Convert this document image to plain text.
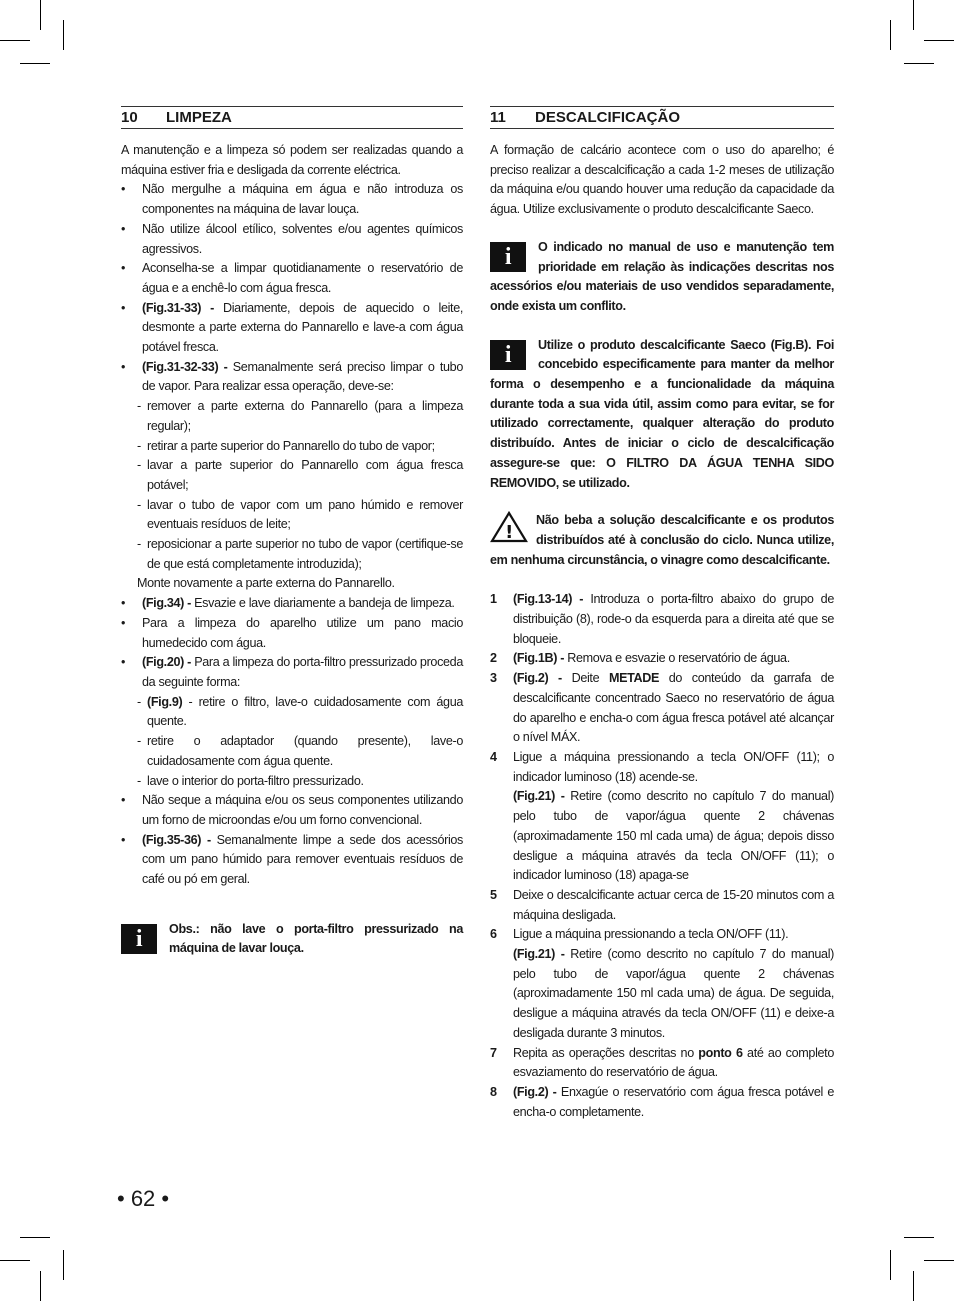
10 LIMPEZA

A manutenção e a limpeza só podem ser realizadas quando a máquina estiver fria e desligada da corrente eléctrica.

• Não mergulhe a máquina em água e não introduza os componentes na máquina de lavar louça.
• Não utilize álcool etílico, solventes e/ou agentes químicos agressivos.
• Aconselha-se a limpar quotidianamente o reservatório de água e a enchê-lo com água fresca.
• (Fig.31-33) - Diariamente, depois de aquecido o leite, desmonte a parte externa do Pannarello e lave-a com água potável fresca.
• (Fig.31-32-33) - Semanalmente será preciso limpar o tubo de vapor. Para realizar essa operação, deve-se:
- remover a parte externa do Pannarello (para a limpeza regular);
- retirar a parte superior do Pannarello do tubo de vapor;
- lavar a parte superior do Pannarello com água fresca potável;
- lavar o tubo de vapor com um pano húmido e remover eventuais resíduos de leite;
- reposicionar a parte superior no tubo de vapor (certifique-se de que está completamente introduzida);
Monte novamente a parte externa do Pannarello.
• (Fig.34) - Esvazie e lave diariamente a bandeja de limpeza.
• Para a limpeza do aparelho utilize um pano macio humedecido com água.
• (Fig.20) - Para a limpeza do porta-filtro pressurizado proceda da seguinte forma:
- (Fig.9) - retire o filtro, lave-o cuidadosamente com água quente.
- retire o adaptador (quando presente), lave-o cuidadosamente com água quente.
- lave o interior do porta-filtro pressurizado.
• Não seque a máquina e/ou os seus componentes utilizando um forno de microondas e/ou um forno convencional.
• (Fig.35-36) - Semanalmente limpe a sede dos acessórios com um pano húmido para remover eventuais resíduos de café ou pó em geral.
i	Obs.: não lave o porta-filtro pressurizado na máquina de lavar louça.
11 DESCALCIFICAÇÃO

A formação de calcário acontece com o uso do aparelho; é preciso realizar a descalcificação a cada 1-2 meses de utilização da máquina e/ou quando houver uma redução da capacidade da água. Utilize exclusivamente o produto descalcificante Saeco.

i	O indicado no manual de uso e manutenção tem prioridade em relação às indicações descritas nos acessórios e/ou materiais de uso vendidos separadamente, onde exista um conflito.
i	Utilize o produto descalcificante Saeco (Fig.B). Foi concebido especificamente para manter da melhor forma o desempenho e a funcionalidade da máquina durante toda a sua vida útil, assim como para evitar, se for utilizado correctamente, qualquer alteração do produto distribuído. Antes de iniciar o ciclo de descalcificação assegure-se que: O FILTRO DA ÁGUA TENHA SIDO REMOVIDO, se utilizado.
!
Não beba a solução descalcificante e os produtos distribuídos até à conclusão do ciclo. Nunca utilize, em nenhuma circunstância, o vinagre como descalcificante.
1 (Fig.13-14) - Introduza o porta-filtro abaixo do grupo de distribuição (8), rode-o da esquerda para a direita até que se bloqueie.
2 (Fig.1B) - Remova e esvazie o reservatório de água.
3 (Fig.2) - Deite METADE do conteúdo da garrafa de descalcificante concentrado Saeco no reservatório de água do aparelho e encha-o com água fresca potável até alcançar o nível MÁX.
4 Ligue a máquina pressionando a tecla ON/OFF (11); o indicador luminoso (18) acende-se.
(Fig.21) - Retire (como descrito no capítulo 7 do manual) pelo tubo de vapor/água quente 2 chávenas (aproximadamente 150 ml cada uma) de água; depois disso desligue a máquina através da tecla ON/OFF (11); o indicador luminoso (18) apaga-se
5 Deixe o descalcificante actuar cerca de 15-20 minutos com a máquina desligada.
6 Ligue a máquina pressionando a tecla ON/OFF (11).
(Fig.21) - Retire (como descrito no capítulo 7 do manual) pelo tubo de vapor/água quente 2 chávenas (aproximadamente 150 ml cada uma) de água. De seguida, desligue a máquina através da tecla ON/OFF (11) e deixe-a desligada durante 3 minutos.
7 Repita as operações descritas no ponto 6 até ao completo esvaziamento do reservatório de água.
8 (Fig.2) - Enxagúe o reservatório com água fresca potável e encha-o completamente.
• 62 •
